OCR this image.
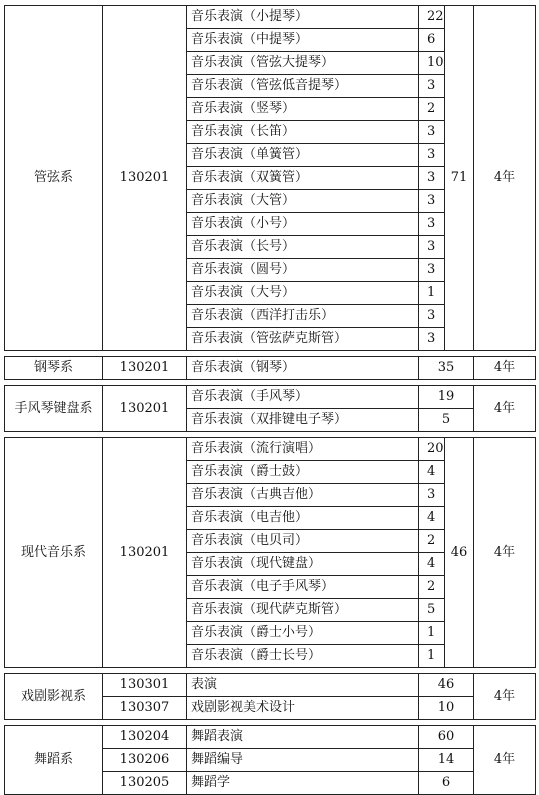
管弦系	130201	音乐表演（小提琴）	22	71	4年
		音乐表演（中提琴）	6		
		音乐表演（管弦大提琴）	10		
		音乐表演（管弦低音提琴）	3		
		音乐表演（竖琴）	2		
		音乐表演（长笛）	3		
		音乐表演（单簧管）	3		
		音乐表演（双簧管）	3		
		音乐表演（大管）	3		
		音乐表演（小号）	3		
		音乐表演（长号）	3		
		音乐表演（圆号）	3		
		音乐表演（大号）	1		
		音乐表演（西洋打击乐）	3		
		音乐表演（管弦萨克斯管）	3		

钢琴系	130201	音乐表演（钢琴）	35		4年

手风琴键盘系	130201	音乐表演（手风琴）	19		4年
		音乐表演（双排键电子琴）	5		

现代音乐系	130201	音乐表演（流行演唱）	20	46	4年
		音乐表演（爵士鼓）	4		
		音乐表演（古典吉他）	3		
		音乐表演（电吉他）	4		
		音乐表演（电贝司）	2		
		音乐表演（现代键盘）	4		
		音乐表演（电子手风琴）	2		
		音乐表演（现代萨克斯管）	5		
		音乐表演（爵士小号）	1		
		音乐表演（爵士长号）	1		

戏剧影视系	130301	表演	46		4年
	130307	戏剧影视美术设计	10		

舞蹈系	130204	舞蹈表演	60		4年
	130206	舞蹈编导	14		
	130205	舞蹈学	6		
